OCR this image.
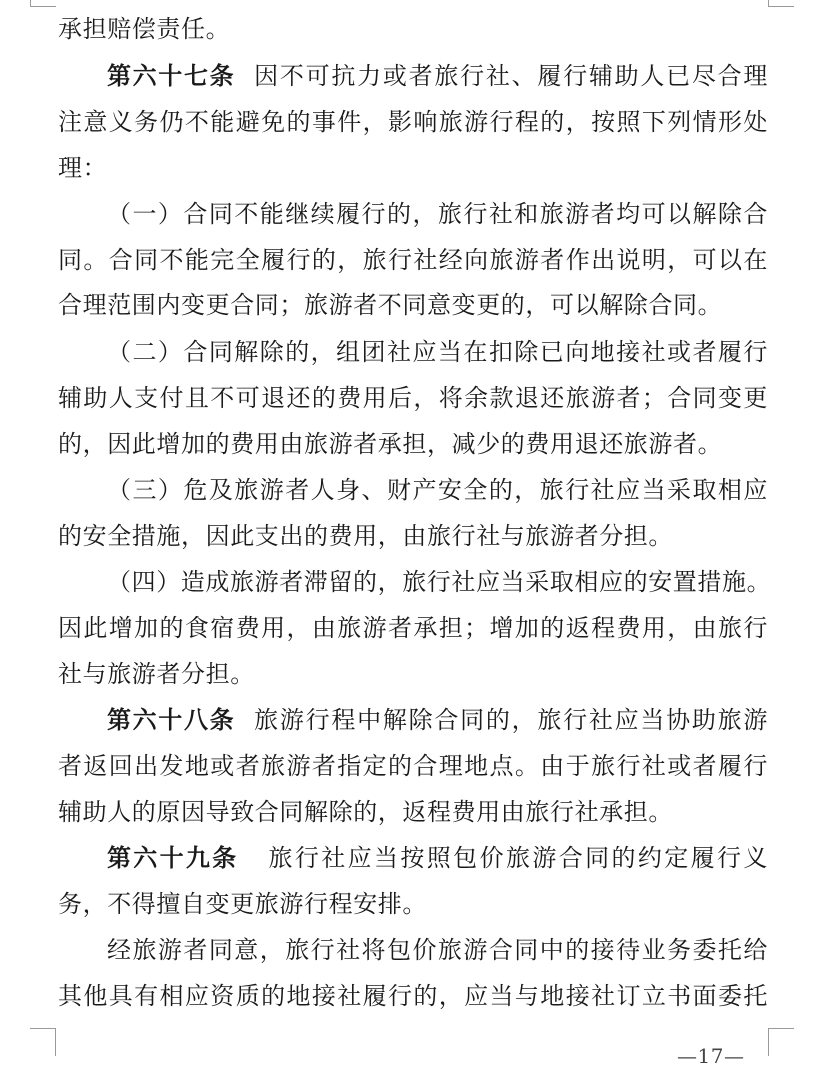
承担赔偿责任。
第六十七条 因不可抗力或者旅行社、履行辅助人已尽合理
注意义务仍不能避免的事件，影响旅游行程的，按照下列情形处
理：
（一）合同不能继续履行的，旅行社和旅游者均可以解除合
同。合同不能完全履行的，旅行社经向旅游者作出说明，可以在
合理范围内变更合同；旅游者不同意变更的，可以解除合同。
（二）合同解除的，组团社应当在扣除已向地接社或者履行
辅助人支付且不可退还的费用后，将余款退还旅游者；合同变更
的，因此增加的费用由旅游者承担，减少的费用退还旅游者。
（三）危及旅游者人身、财产安全的，旅行社应当采取相应
的安全措施，因此支出的费用，由旅行社与旅游者分担。
（四）造成旅游者滞留的，旅行社应当采取相应的安置措施。
因此增加的食宿费用，由旅游者承担；增加的返程费用，由旅行
社与旅游者分担。
第六十八条 旅游行程中解除合同的，旅行社应当协助旅游
者返回出发地或者旅游者指定的合理地点。由于旅行社或者履行
辅助人的原因导致合同解除的，返程费用由旅行社承担。
第六十九条 旅行社应当按照包价旅游合同的约定履行义
务，不得擅自变更旅游行程安排。
经旅游者同意，旅行社将包价旅游合同中的接待业务委托给
其他具有相应资质的地接社履行的，应当与地接社订立书面委托
—17—
